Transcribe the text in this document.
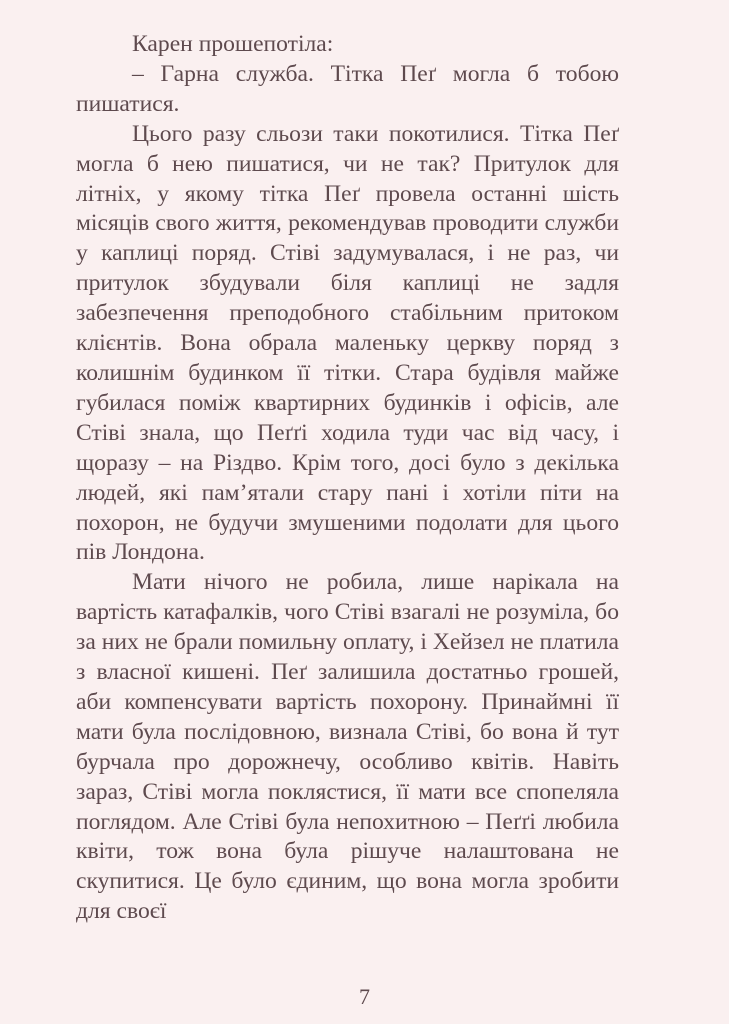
Карен прошепотіла:

– Гарна служба. Тітка Пеґ могла б тобою пишатися.

Цього разу сльози таки покотилися. Тітка Пеґ могла б нею пишатися, чи не так? Притулок для літніх, у якому тітка Пеґ провела останні шість місяців свого життя, рекомендував проводити служби у каплиці поряд. Стіві задумувалася, і не раз, чи притулок збудували біля каплиці не задля забезпечення преподобного стабільним притоком клієнтів. Вона обрала маленьку церкву поряд з колишнім будинком її тітки. Стара будівля майже губилася поміж квартирних будинків і офісів, але Стіві знала, що Пеґґі ходила туди час від часу, і щоразу – на Різдво. Крім того, досі було з декілька людей, які пам’ятали стару пані і хотіли піти на похорон, не будучи змушеними подолати для цього пів Лондона.

Мати нічого не робила, лише нарікала на вартість катафалків, чого Стіві взагалі не розуміла, бо за них не брали помильну оплату, і Хейзел не платила з власної кишені. Пеґ залишила достатньо грошей, аби компенсувати вартість похорону. Принаймні її мати була послідовною, визнала Стіві, бо вона й тут бурчала про дорожнечу, особливо квітів. Навіть зараз, Стіві могла поклястися, її мати все спопеляла поглядом. Але Стіві була непохитною – Пеґґі любила квіти, тож вона була рішуче налаштована не скупитися. Це було єдиним, що вона могла зробити для своєї

7
